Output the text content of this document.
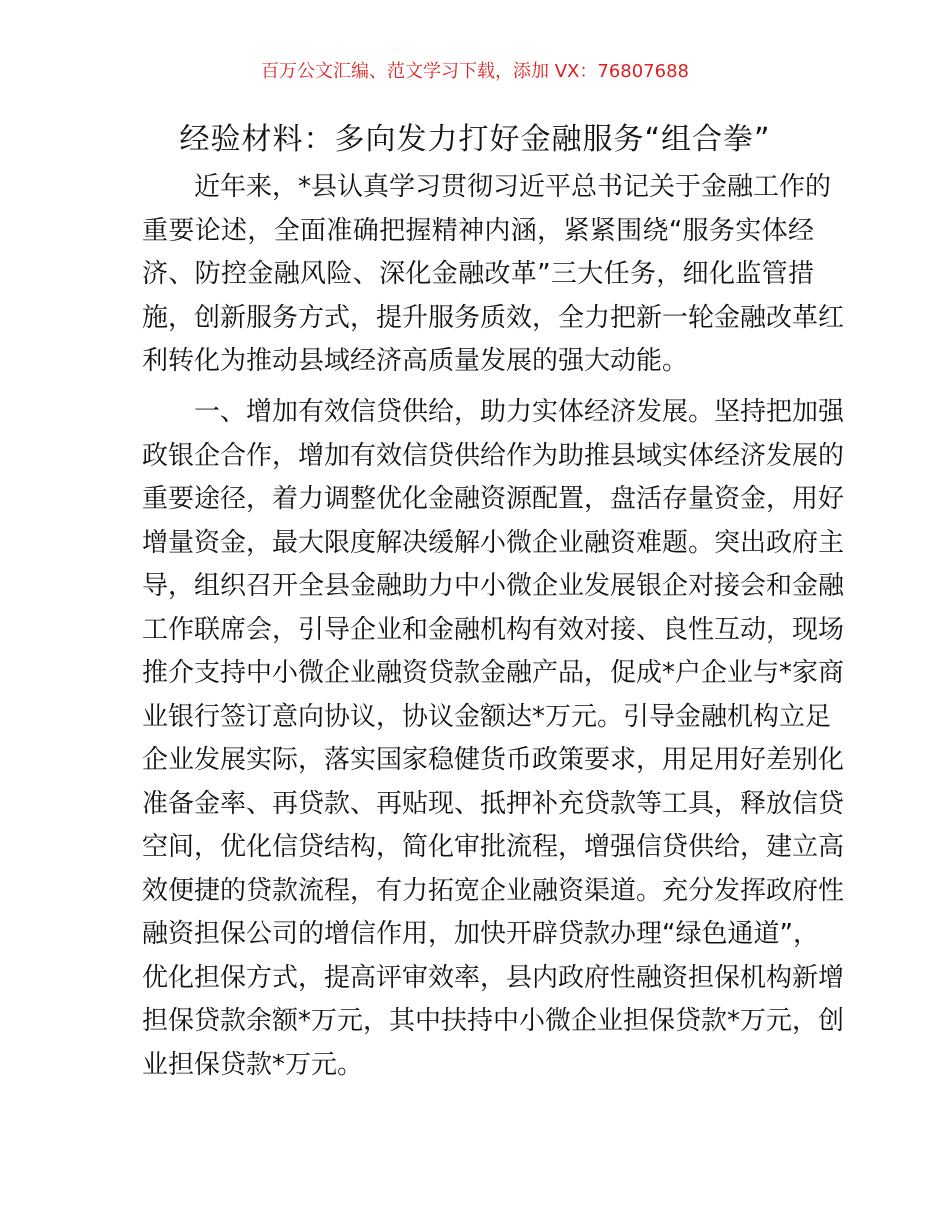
百万公文汇编、范文学习下载，添加 VX：76807688
经验材料：多向发力打好金融服务“组合拳”
近年来，*县认真学习贯彻习近平总书记关于金融工作的
重要论述，全面准确把握精神内涵，紧紧围绕“服务实体经
济、防控金融风险、深化金融改革”三大任务，细化监管措
施，创新服务方式，提升服务质效，全力把新一轮金融改革红
利转化为推动县域经济高质量发展的强大动能。
一、增加有效信贷供给，助力实体经济发展。坚持把加强
政银企合作，增加有效信贷供给作为助推县域实体经济发展的
重要途径，着力调整优化金融资源配置，盘活存量资金，用好
增量资金，最大限度解决缓解小微企业融资难题。突出政府主
导，组织召开全县金融助力中小微企业发展银企对接会和金融
工作联席会，引导企业和金融机构有效对接、良性互动，现场
推介支持中小微企业融资贷款金融产品，促成*户企业与*家商
业银行签订意向协议，协议金额达*万元。引导金融机构立足
企业发展实际，落实国家稳健货币政策要求，用足用好差别化
准备金率、再贷款、再贴现、抵押补充贷款等工具，释放信贷
空间，优化信贷结构，简化审批流程，增强信贷供给，建立高
效便捷的贷款流程，有力拓宽企业融资渠道。充分发挥政府性
融资担保公司的增信作用，加快开辟贷款办理“绿色通道”，
优化担保方式，提高评审效率，县内政府性融资担保机构新增
担保贷款余额*万元，其中扶持中小微企业担保贷款*万元，创
业担保贷款*万元。
